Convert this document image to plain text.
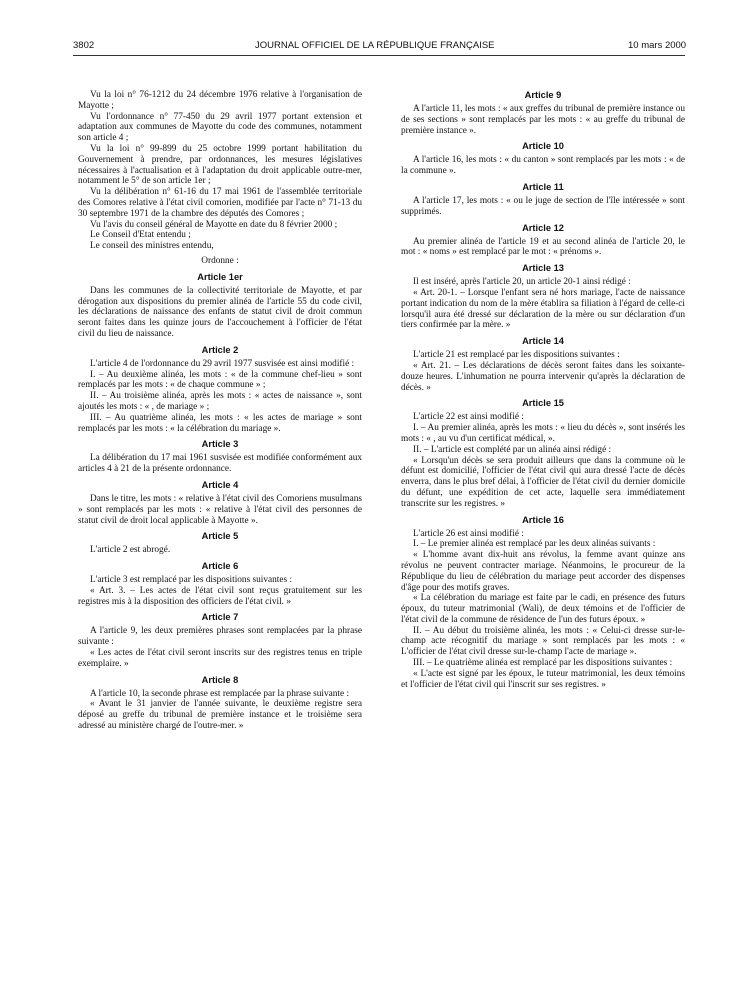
3802	JOURNAL OFFICIEL DE LA RÉPUBLIQUE FRANÇAISE	10 mars 2000

Vu la loi n° 76-1212 du 24 décembre 1976 relative à l'organisation de Mayotte ;

Vu l'ordonnance n° 77-450 du 29 avril 1977 portant extension et adaptation aux communes de Mayotte du code des communes, notamment son article 4 ;

Vu la loi n° 99-899 du 25 octobre 1999 portant habilitation du Gouvernement à prendre, par ordonnances, les mesures législatives nécessaires à l'actualisation et à l'adaptation du droit applicable outre-mer, notamment le 5° de son article 1er ;

Vu la délibération n° 61-16 du 17 mai 1961 de l'assemblée territoriale des Comores relative à l'état civil comorien, modifiée par l'acte n° 71-13 du 30 septembre 1971 de la chambre des députés des Comores ;

Vu l'avis du conseil général de Mayotte en date du 8 février 2000 ;

Le Conseil d'Etat entendu ;

Le conseil des ministres entendu,

Ordonne :

Article 1er

Dans les communes de la collectivité territoriale de Mayotte, et par dérogation aux dispositions du premier alinéa de l'article 55 du code civil, les déclarations de naissance des enfants de statut civil de droit commun seront faites dans les quinze jours de l'accouchement à l'officier de l'état civil du lieu de naissance.

Article 2

L'article 4 de l'ordonnance du 29 avril 1977 susvisée est ainsi modifié :

I. – Au deuxième alinéa, les mots : « de la commune chef-lieu » sont remplacés par les mots : « de chaque commune » ;

II. – Au troisième alinéa, après les mots : « actes de naissance », sont ajoutés les mots : « , de mariage » ;

III. – Au quatrième alinéa, les mots : « les actes de mariage » sont remplacés par les mots : « la célébration du mariage ».

Article 3

La délibération du 17 mai 1961 susvisée est modifiée conformément aux articles 4 à 21 de la présente ordonnance.

Article 4

Dans le titre, les mots : « relative à l'état civil des Comoriens musulmans » sont remplacés par les mots : « relative à l'état civil des personnes de statut civil de droit local applicable à Mayotte ».

Article 5

L'article 2 est abrogé.

Article 6

L'article 3 est remplacé par les dispositions suivantes :

« Art. 3. – Les actes de l'état civil sont reçus gratuitement sur les registres mis à la disposition des officiers de l'état civil. »

Article 7

A l'article 9, les deux premières phrases sont remplacées par la phrase suivante :

« Les actes de l'état civil seront inscrits sur des registres tenus en triple exemplaire. »

Article 8

A l'article 10, la seconde phrase est remplacée par la phrase suivante :

« Avant le 31 janvier de l'année suivante, le deuxième registre sera déposé au greffe du tribunal de première instance et le troisième sera adressé au ministère chargé de l'outre-mer. »

Article 9

A l'article 11, les mots : « aux greffes du tribunal de première instance ou de ses sections » sont remplacés par les mots : « au greffe du tribunal de première instance ».

Article 10

A l'article 16, les mots : « du canton » sont remplacés par les mots : « de la commune ».

Article 11

A l'article 17, les mots : « ou le juge de section de l'île intéressée » sont supprimés.

Article 12

Au premier alinéa de l'article 19 et au second alinéa de l'article 20, le mot : « noms » est remplacé par le mot : « prénoms ».

Article 13

Il est inséré, après l'article 20, un article 20-1 ainsi rédigé :

« Art. 20-1. – Lorsque l'enfant sera né hors mariage, l'acte de naissance portant indication du nom de la mère établira sa filiation à l'égard de celle-ci lorsqu'il aura été dressé sur déclaration de la mère ou sur déclaration d'un tiers confirmée par la mère. »

Article 14

L'article 21 est remplacé par les dispositions suivantes :

« Art. 21. – Les déclarations de décès seront faites dans les soixante-douze heures. L'inhumation ne pourra intervenir qu'après la déclaration de décès. »

Article 15

L'article 22 est ainsi modifié :

I. – Au premier alinéa, après les mots : « lieu du décès », sont insérés les mots : « , au vu d'un certificat médical, ».

II. – L'article est complété par un alinéa ainsi rédigé :

« Lorsqu'un décès se sera produit ailleurs que dans la commune où le défunt est domicilié, l'officier de l'état civil qui aura dressé l'acte de décès enverra, dans le plus bref délai, à l'officier de l'état civil du dernier domicile du défunt, une expédition de cet acte, laquelle sera immédiatement transcrite sur les registres. »

Article 16

L'article 26 est ainsi modifié :

I. – Le premier alinéa est remplacé par les deux alinéas suivants :

« L'homme avant dix-huit ans révolus, la femme avant quinze ans révolus ne peuvent contracter mariage. Néanmoins, le procureur de la République du lieu de célébration du mariage peut accorder des dispenses d'âge pour des motifs graves.

« La célébration du mariage est faite par le cadi, en présence des futurs époux, du tuteur matrimonial (Wali), de deux témoins et de l'officier de l'état civil de la commune de résidence de l'un des futurs époux. »

II. – Au début du troisième alinéa, les mots : « Celui-ci dresse sur-le-champ acte récognitif du mariage » sont remplacés par les mots : « L'officier de l'état civil dresse sur-le-champ l'acte de mariage ».

III. – Le quatrième alinéa est remplacé par les dispositions suivantes :

« L'acte est signé par les époux, le tuteur matrimonial, les deux témoins et l'officier de l'état civil qui l'inscrit sur ses registres. »
